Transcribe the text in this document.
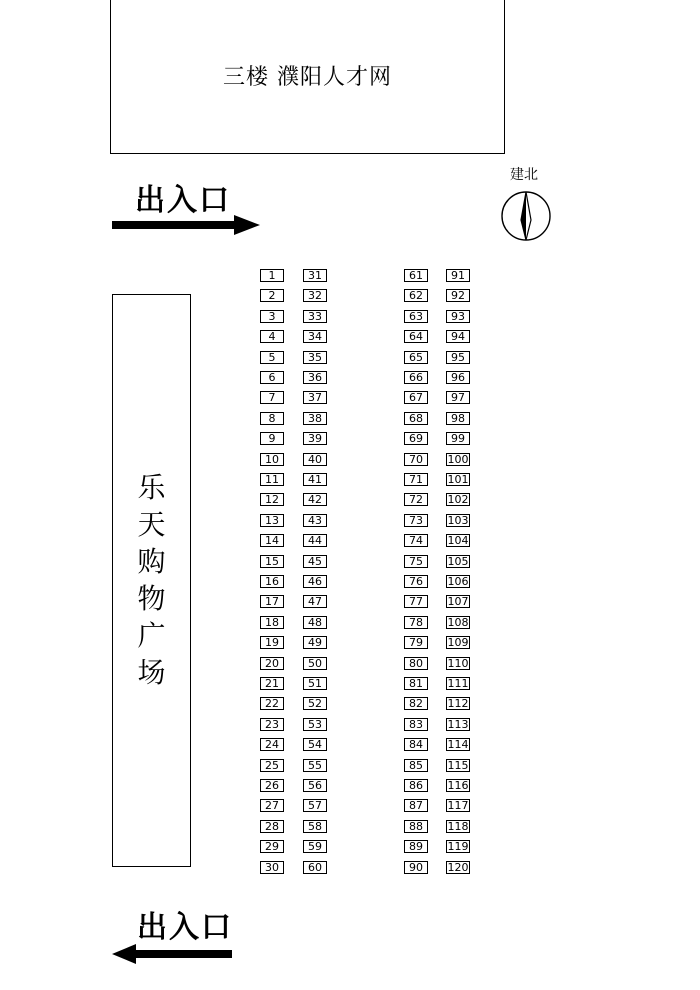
三楼 濮阳人才网
出入口
建北
乐
天
购
物
广
场
1
2
3
4
5
6
7
8
9
10
11
12
13
14
15
16
17
18
19
20
21
22
23
24
25
26
27
28
29
30
31
32
33
34
35
36
37
38
39
40
41
42
43
44
45
46
47
48
49
50
51
52
53
54
55
56
57
58
59
60
61
62
63
64
65
66
67
68
69
70
71
72
73
74
75
76
77
78
79
80
81
82
83
84
85
86
87
88
89
90
91
92
93
94
95
96
97
98
99
100
101
102
103
104
105
106
107
108
109
110
111
112
113
114
115
116
117
118
119
120
出入口
